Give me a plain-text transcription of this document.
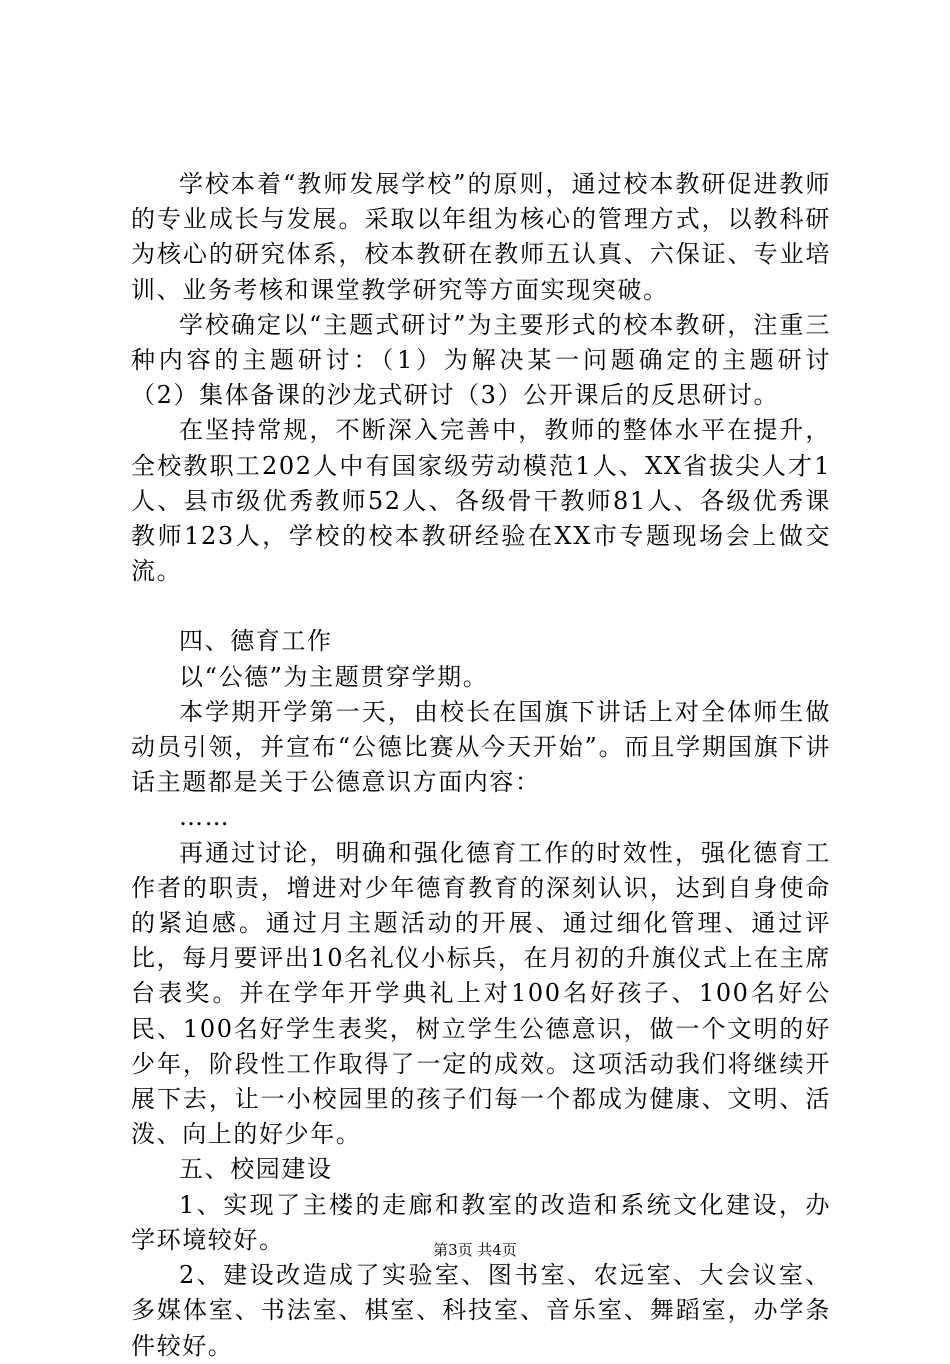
学校本着“教师发展学校”的原则，通过校本教研促进教师的专业成长与发展。采取以年组为核心的管理方式，以教科研为核心的研究体系，校本教研在教师五认真、六保证、专业培训、业务考核和课堂教学研究等方面实现突破。

学校确定以“主题式研讨”为主要形式的校本教研，注重三种内容的主题研讨：（1）为解决某一问题确定的主题研讨（2）集体备课的沙龙式研讨（3）公开课后的反思研讨。

在坚持常规，不断深入完善中，教师的整体水平在提升，全校教职工202人中有国家级劳动模范1人、XX省拔尖人才1人、县市级优秀教师52人、各级骨干教师81人、各级优秀课教师123人，学校的校本教研经验在XX市专题现场会上做交流。

四、德育工作

以“公德”为主题贯穿学期。

本学期开学第一天，由校长在国旗下讲话上对全体师生做动员引领，并宣布“公德比赛从今天开始”。而且学期国旗下讲话主题都是关于公德意识方面内容：

……

再通过讨论，明确和强化德育工作的时效性，强化德育工作者的职责，增进对少年德育教育的深刻认识，达到自身使命的紧迫感。通过月主题活动的开展、通过细化管理、通过评比，每月要评出10名礼仪小标兵，在月初的升旗仪式上在主席台表奖。并在学年开学典礼上对100名好孩子、100名好公民、100名好学生表奖，树立学生公德意识，做一个文明的好少年，阶段性工作取得了一定的成效。这项活动我们将继续开展下去，让一小校园里的孩子们每一个都成为健康、文明、活泼、向上的好少年。

五、校园建设

1、实现了主楼的走廊和教室的改造和系统文化建设，办学环境较好。

2、建设改造成了实验室、图书室、农远室、大会议室、多媒体室、书法室、棋室、科技室、音乐室、舞蹈室，办学条件较好。

第3页 共4页
